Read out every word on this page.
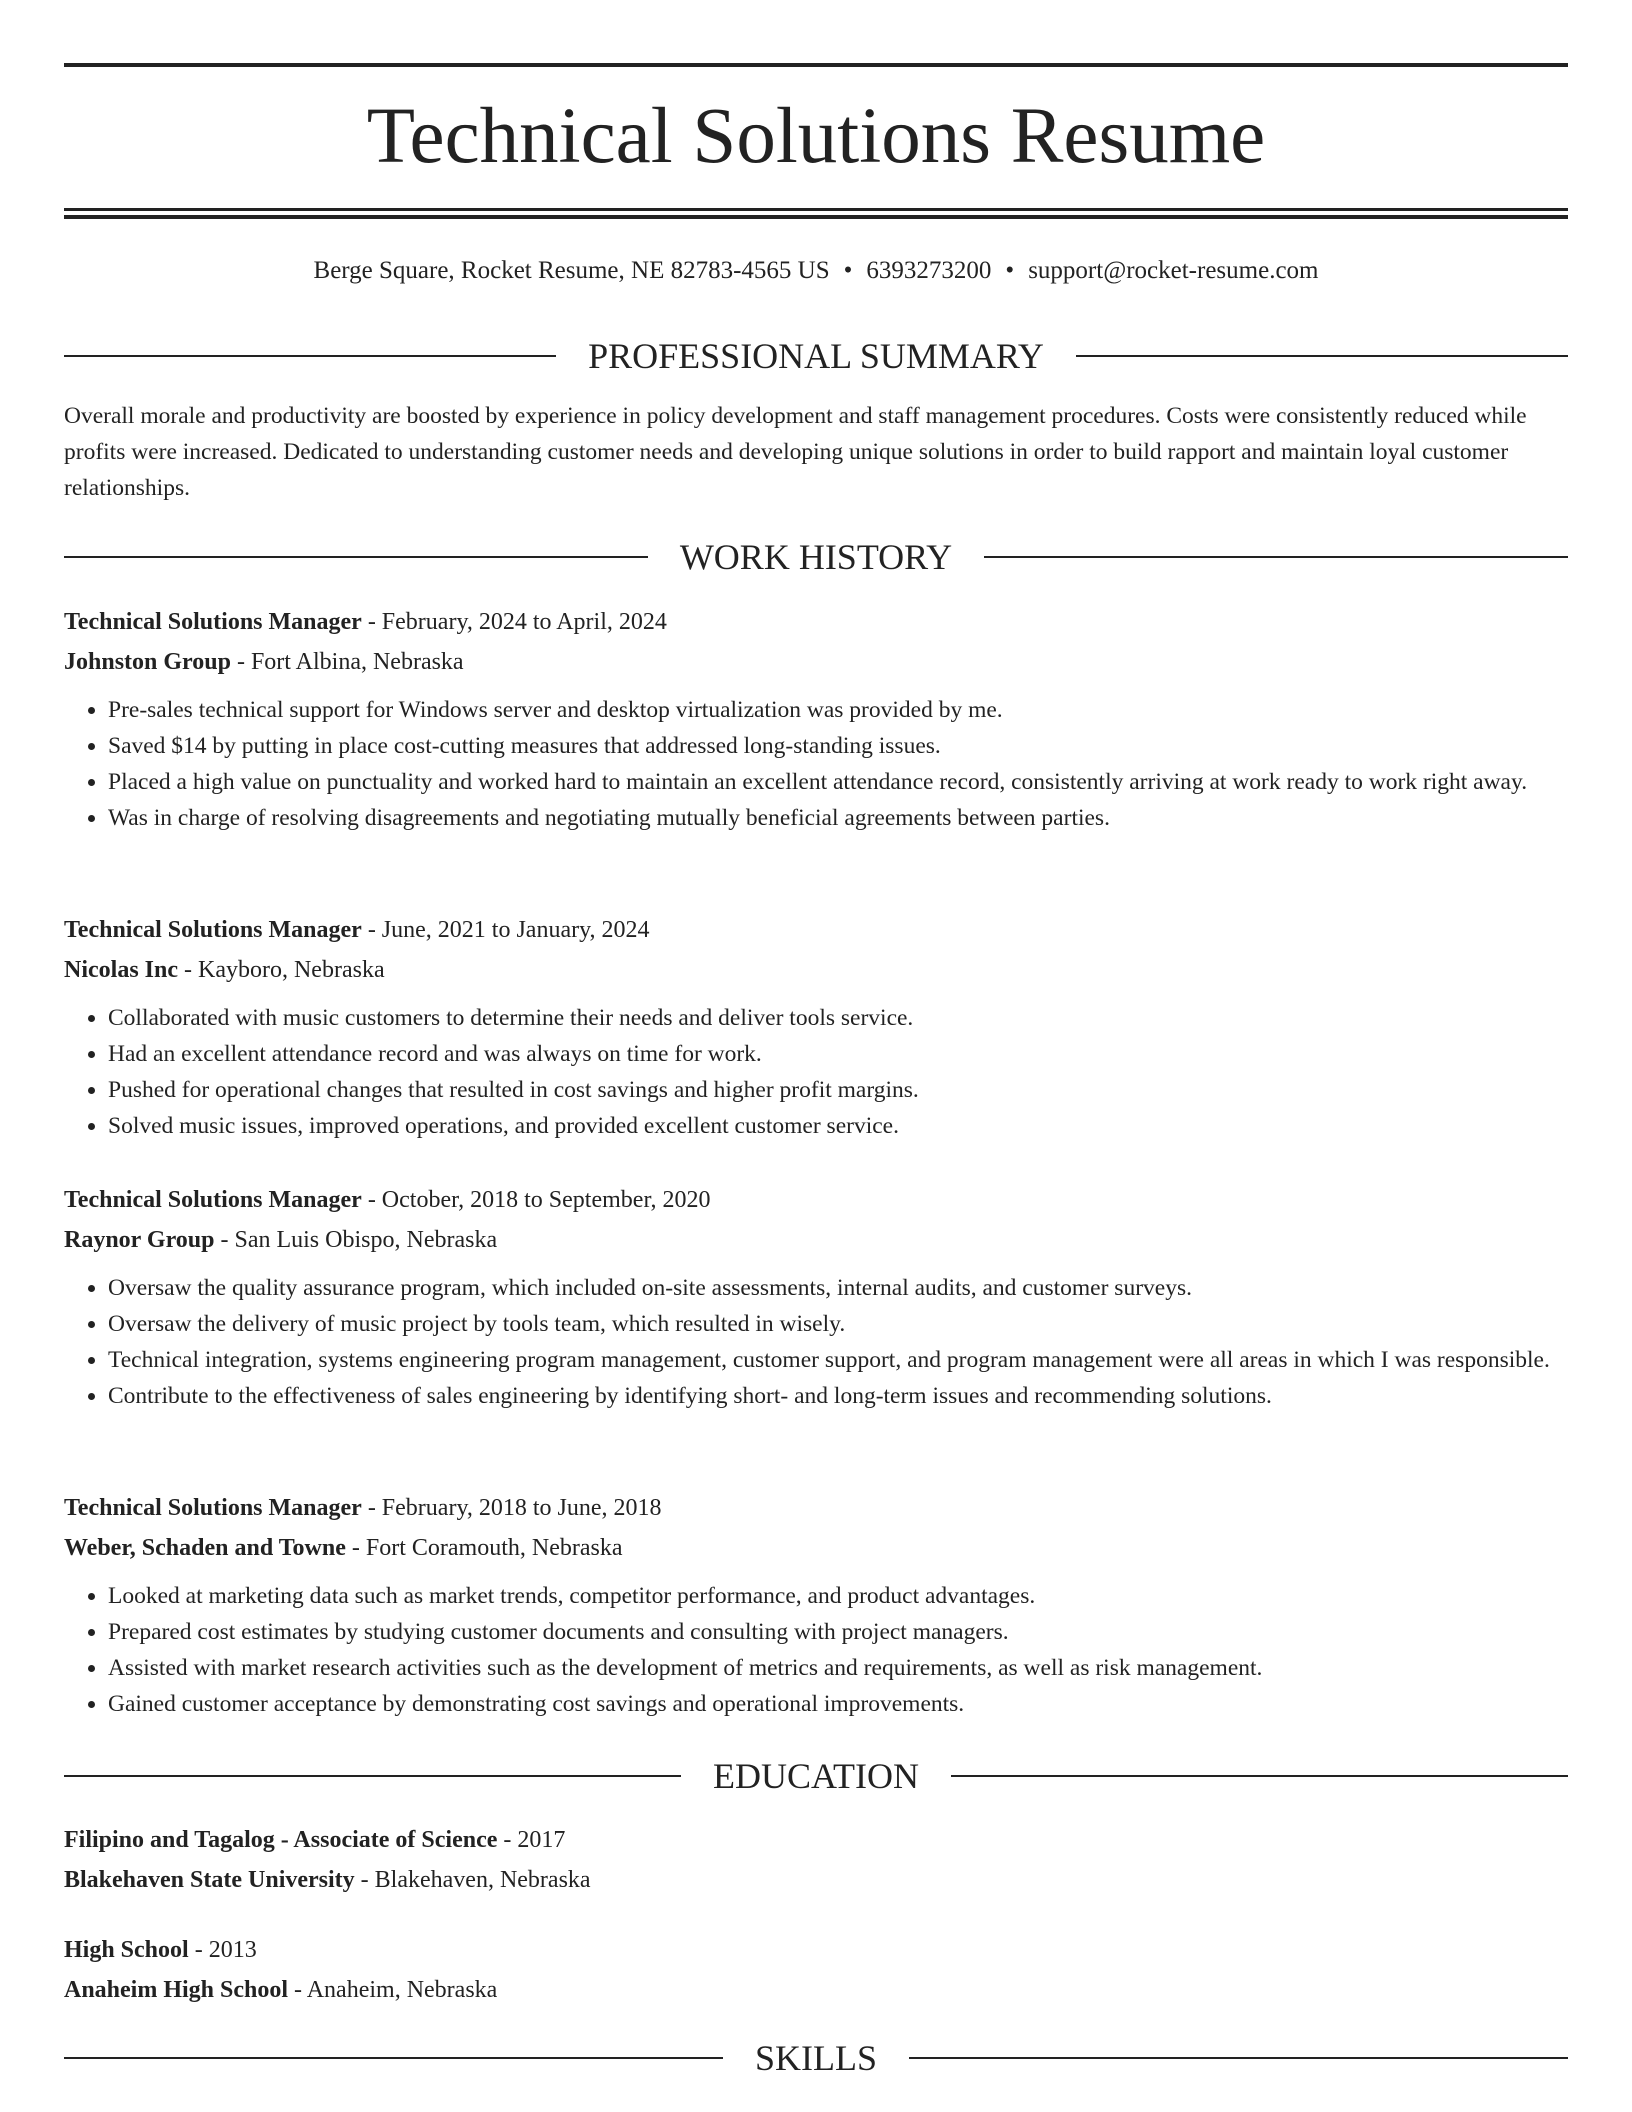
Technical Solutions Resume
Berge Square, Rocket Resume, NE 82783-4565 US • 6393273200 • support@rocket-resume.com
PROFESSIONAL SUMMARY

Overall morale and productivity are boosted by experience in policy development and staff management procedures. Costs were consistently reduced while profits were increased. Dedicated to understanding customer needs and developing unique solutions in order to build rapport and maintain loyal customer relationships.

WORK HISTORY

Technical Solutions Manager - February, 2024 to April, 2024

Johnston Group - Fort Albina, Nebraska

• Pre-sales technical support for Windows server and desktop virtualization was provided by me.
• Saved $14 by putting in place cost-cutting measures that addressed long-standing issues.
• Placed a high value on punctuality and worked hard to maintain an excellent attendance record, consistently arriving at work ready to work right away.
• Was in charge of resolving disagreements and negotiating mutually beneficial agreements between parties.

Technical Solutions Manager - June, 2021 to January, 2024

Nicolas Inc - Kayboro, Nebraska

• Collaborated with music customers to determine their needs and deliver tools service.
• Had an excellent attendance record and was always on time for work.
• Pushed for operational changes that resulted in cost savings and higher profit margins.
• Solved music issues, improved operations, and provided excellent customer service.

Technical Solutions Manager - October, 2018 to September, 2020

Raynor Group - San Luis Obispo, Nebraska

• Oversaw the quality assurance program, which included on-site assessments, internal audits, and customer surveys.
• Oversaw the delivery of music project by tools team, which resulted in wisely.
• Technical integration, systems engineering program management, customer support, and program management were all areas in which I was responsible.
• Contribute to the effectiveness of sales engineering by identifying short- and long-term issues and recommending solutions.

Technical Solutions Manager - February, 2018 to June, 2018

Weber, Schaden and Towne - Fort Coramouth, Nebraska

• Looked at marketing data such as market trends, competitor performance, and product advantages.
• Prepared cost estimates by studying customer documents and consulting with project managers.
• Assisted with market research activities such as the development of metrics and requirements, as well as risk management.
• Gained customer acceptance by demonstrating cost savings and operational improvements.
EDUCATION

Filipino and Tagalog - Associate of Science - 2017

Blakehaven State University - Blakehaven, Nebraska

High School - 2013

Anaheim High School - Anaheim, Nebraska

SKILLS
